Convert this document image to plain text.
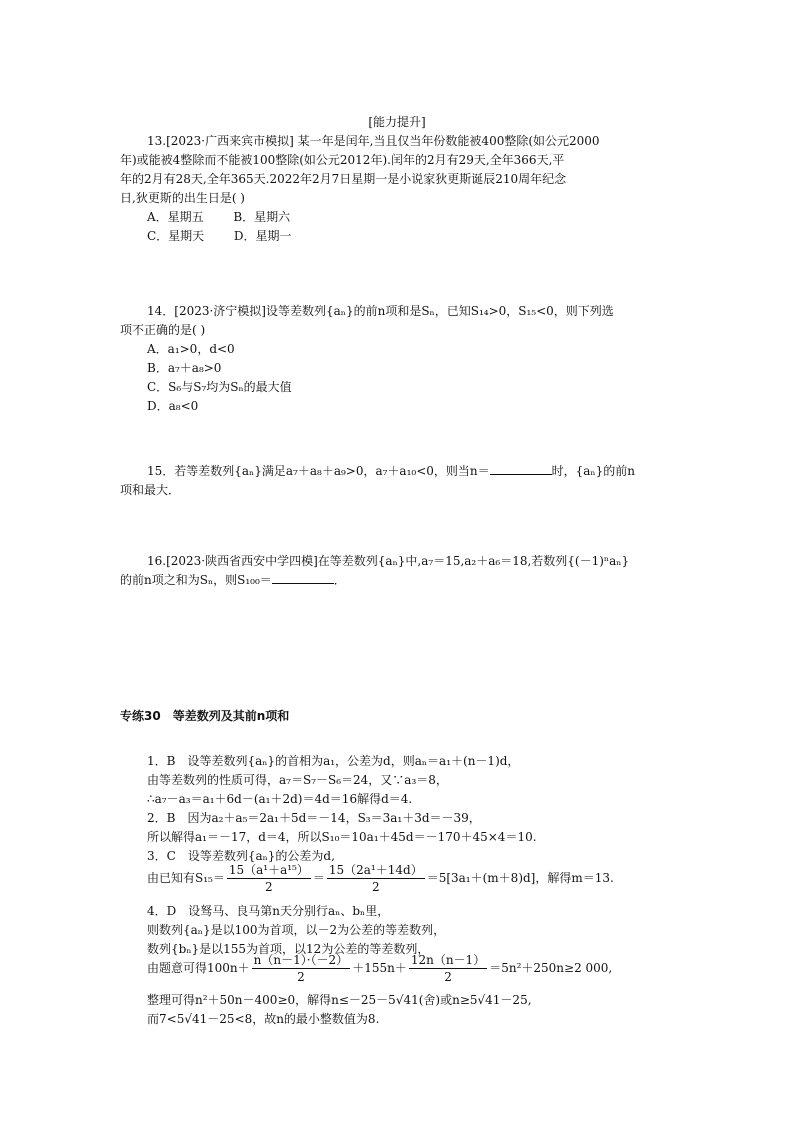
[能力提升]
13.[2023·广西来宾市模拟] 某一年是闰年,当且仅当年份数能被400整除(如公元2000
年)或能被4整除而不能被100整除(如公元2012年).闰年的2月有29天,全年366天,平
年的2月有28天,全年365天.2022年2月7日星期一是小说家狄更斯诞辰210周年纪念
日,狄更斯的出生日是( )
A．星期五 B．星期六
C．星期天 D．星期一
14．[2023·济宁模拟]设等差数列{aₙ}的前n项和是Sₙ，已知S₁₄>0，S₁₅<0，则下列选
项不正确的是( )
A．a₁>0，d<0
B．a₇＋a₈>0
C．S₆与S₇均为Sₙ的最大值
D．a₈<0
15．若等差数列{aₙ}满足a₇＋a₈＋a₉>0，a₇＋a₁₀<0，则当n＝	时，{aₙ}的前n
项和最大．
16.[2023·陕西省西安中学四模]在等差数列{aₙ}中,a₇＝15,a₂＋a₆＝18,若数列{(－1)ⁿaₙ}
的前n项之和为Sₙ，则S₁₀₀＝	．
专练30　等差数列及其前n项和
1．B　设等差数列{aₙ}的首相为a₁，公差为d，则aₙ＝a₁＋(n－1)d，
由等差数列的性质可得，a₇＝S₇－S₆＝24，又∵a₃＝8，
∴a₇－a₃＝a₁＋6d－(a₁＋2d)＝4d＝16解得d＝4.
2．B　因为a₂＋a₅＝2a₁＋5d＝－14，S₃＝3a₁＋3d＝－39，
所以解得a₁＝－17，d＝4，所以S₁₀＝10a₁＋45d＝－170＋45×4＝10.
3．C　设等差数列{aₙ}的公差为d,
由已知有$S_{15}= \frac{\text{15（a¹＋a¹⁵）}}{2} = \frac{\text{15（2a¹＋14d）}}{2} =5[3a_1+(m+8)d]$，解得m＝13.
4．D　设驽马、良马第n天分别行aₙ、bₙ里，
则数列{aₙ}是以100为首项，以－2为公差的等差数列，
数列{bₙ}是以155为首项，以12为公差的等差数列，
由题意可得$100n+ \frac{n(n-1)\cdot(-2)}{2} +155n+ \frac{12n(n-1)}{2} =5n^2+250n\ge 2$ 000,
整理可得n²＋50n－400≥0，解得n≤－25－5√41(舍)或n≥5√41－25,
而7<5√41－25<8，故n的最小整数值为8.
